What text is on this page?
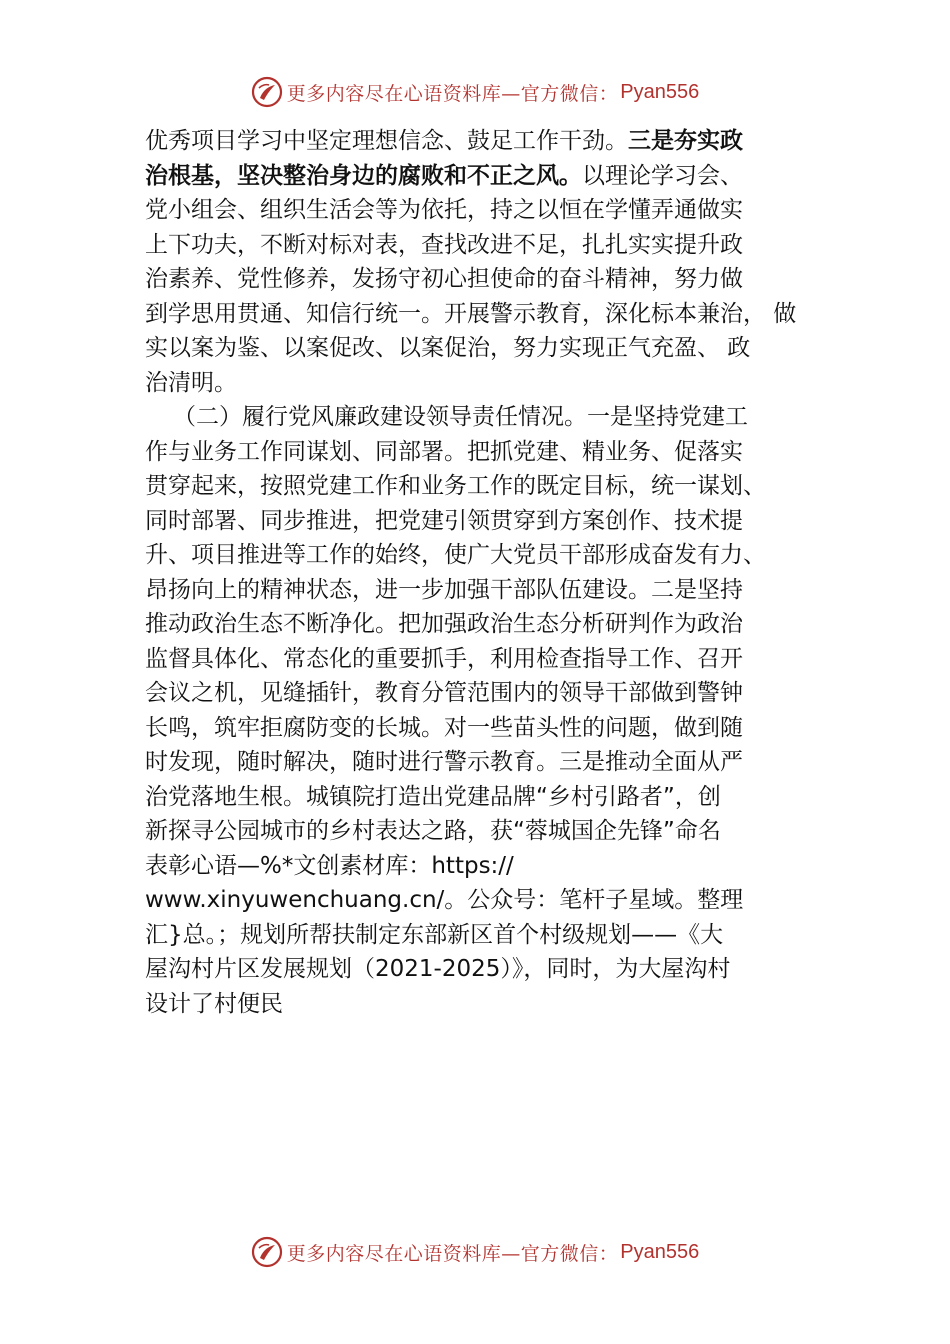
更多内容尽在心语资料库—官方微信： Pyan556
优秀项目学习中坚定理想信念、鼓足工作干劲。三是夯实政
治根基，坚决整治身边的腐败和不正之风。以理论学习会、
党小组会、组织生活会等为依托，持之以恒在学懂弄通做实
上下功夫，不断对标对表，查找改进不足，扎扎实实提升政
治素养、党性修养，发扬守初心担使命的奋斗精神，努力做
到学思用贯通、知信行统一。开展警示教育，深化标本兼治， 做
实以案为鉴、以案促改、以案促治，努力实现正气充盈、 政
治清明。
（二）履行党风廉政建设领导责任情况。一是坚持党建工
作与业务工作同谋划、同部署。把抓党建、精业务、促落实
贯穿起来，按照党建工作和业务工作的既定目标，统一谋划、
同时部署、同步推进，把党建引领贯穿到方案创作、技术提
升、项目推进等工作的始终，使广大党员干部形成奋发有力、
昂扬向上的精神状态，进一步加强干部队伍建设。二是坚持
推动政治生态不断净化。把加强政治生态分析研判作为政治
监督具体化、常态化的重要抓手，利用检查指导工作、召开
会议之机，见缝插针，教育分管范围内的领导干部做到警钟
长鸣，筑牢拒腐防变的长城。对一些苗头性的问题，做到随
时发现，随时解决，随时进行警示教育。三是推动全面从严
治党落地生根。城镇院打造出党建品牌“乡村引路者”，创
新探寻公园城市的乡村表达之路，获“蓉城国企先锋”命名
表彰心语—%*文创素材库：https://
www.xinyuwenchuang.cn/。公众号：笔杆子星域。整理
汇}总。；规划所帮扶制定东部新区首个村级规划——《大
屋沟村片区发展规划（2021-2025）》，同时，为大屋沟村
设计了村便民
更多内容尽在心语资料库—官方微信： Pyan556
